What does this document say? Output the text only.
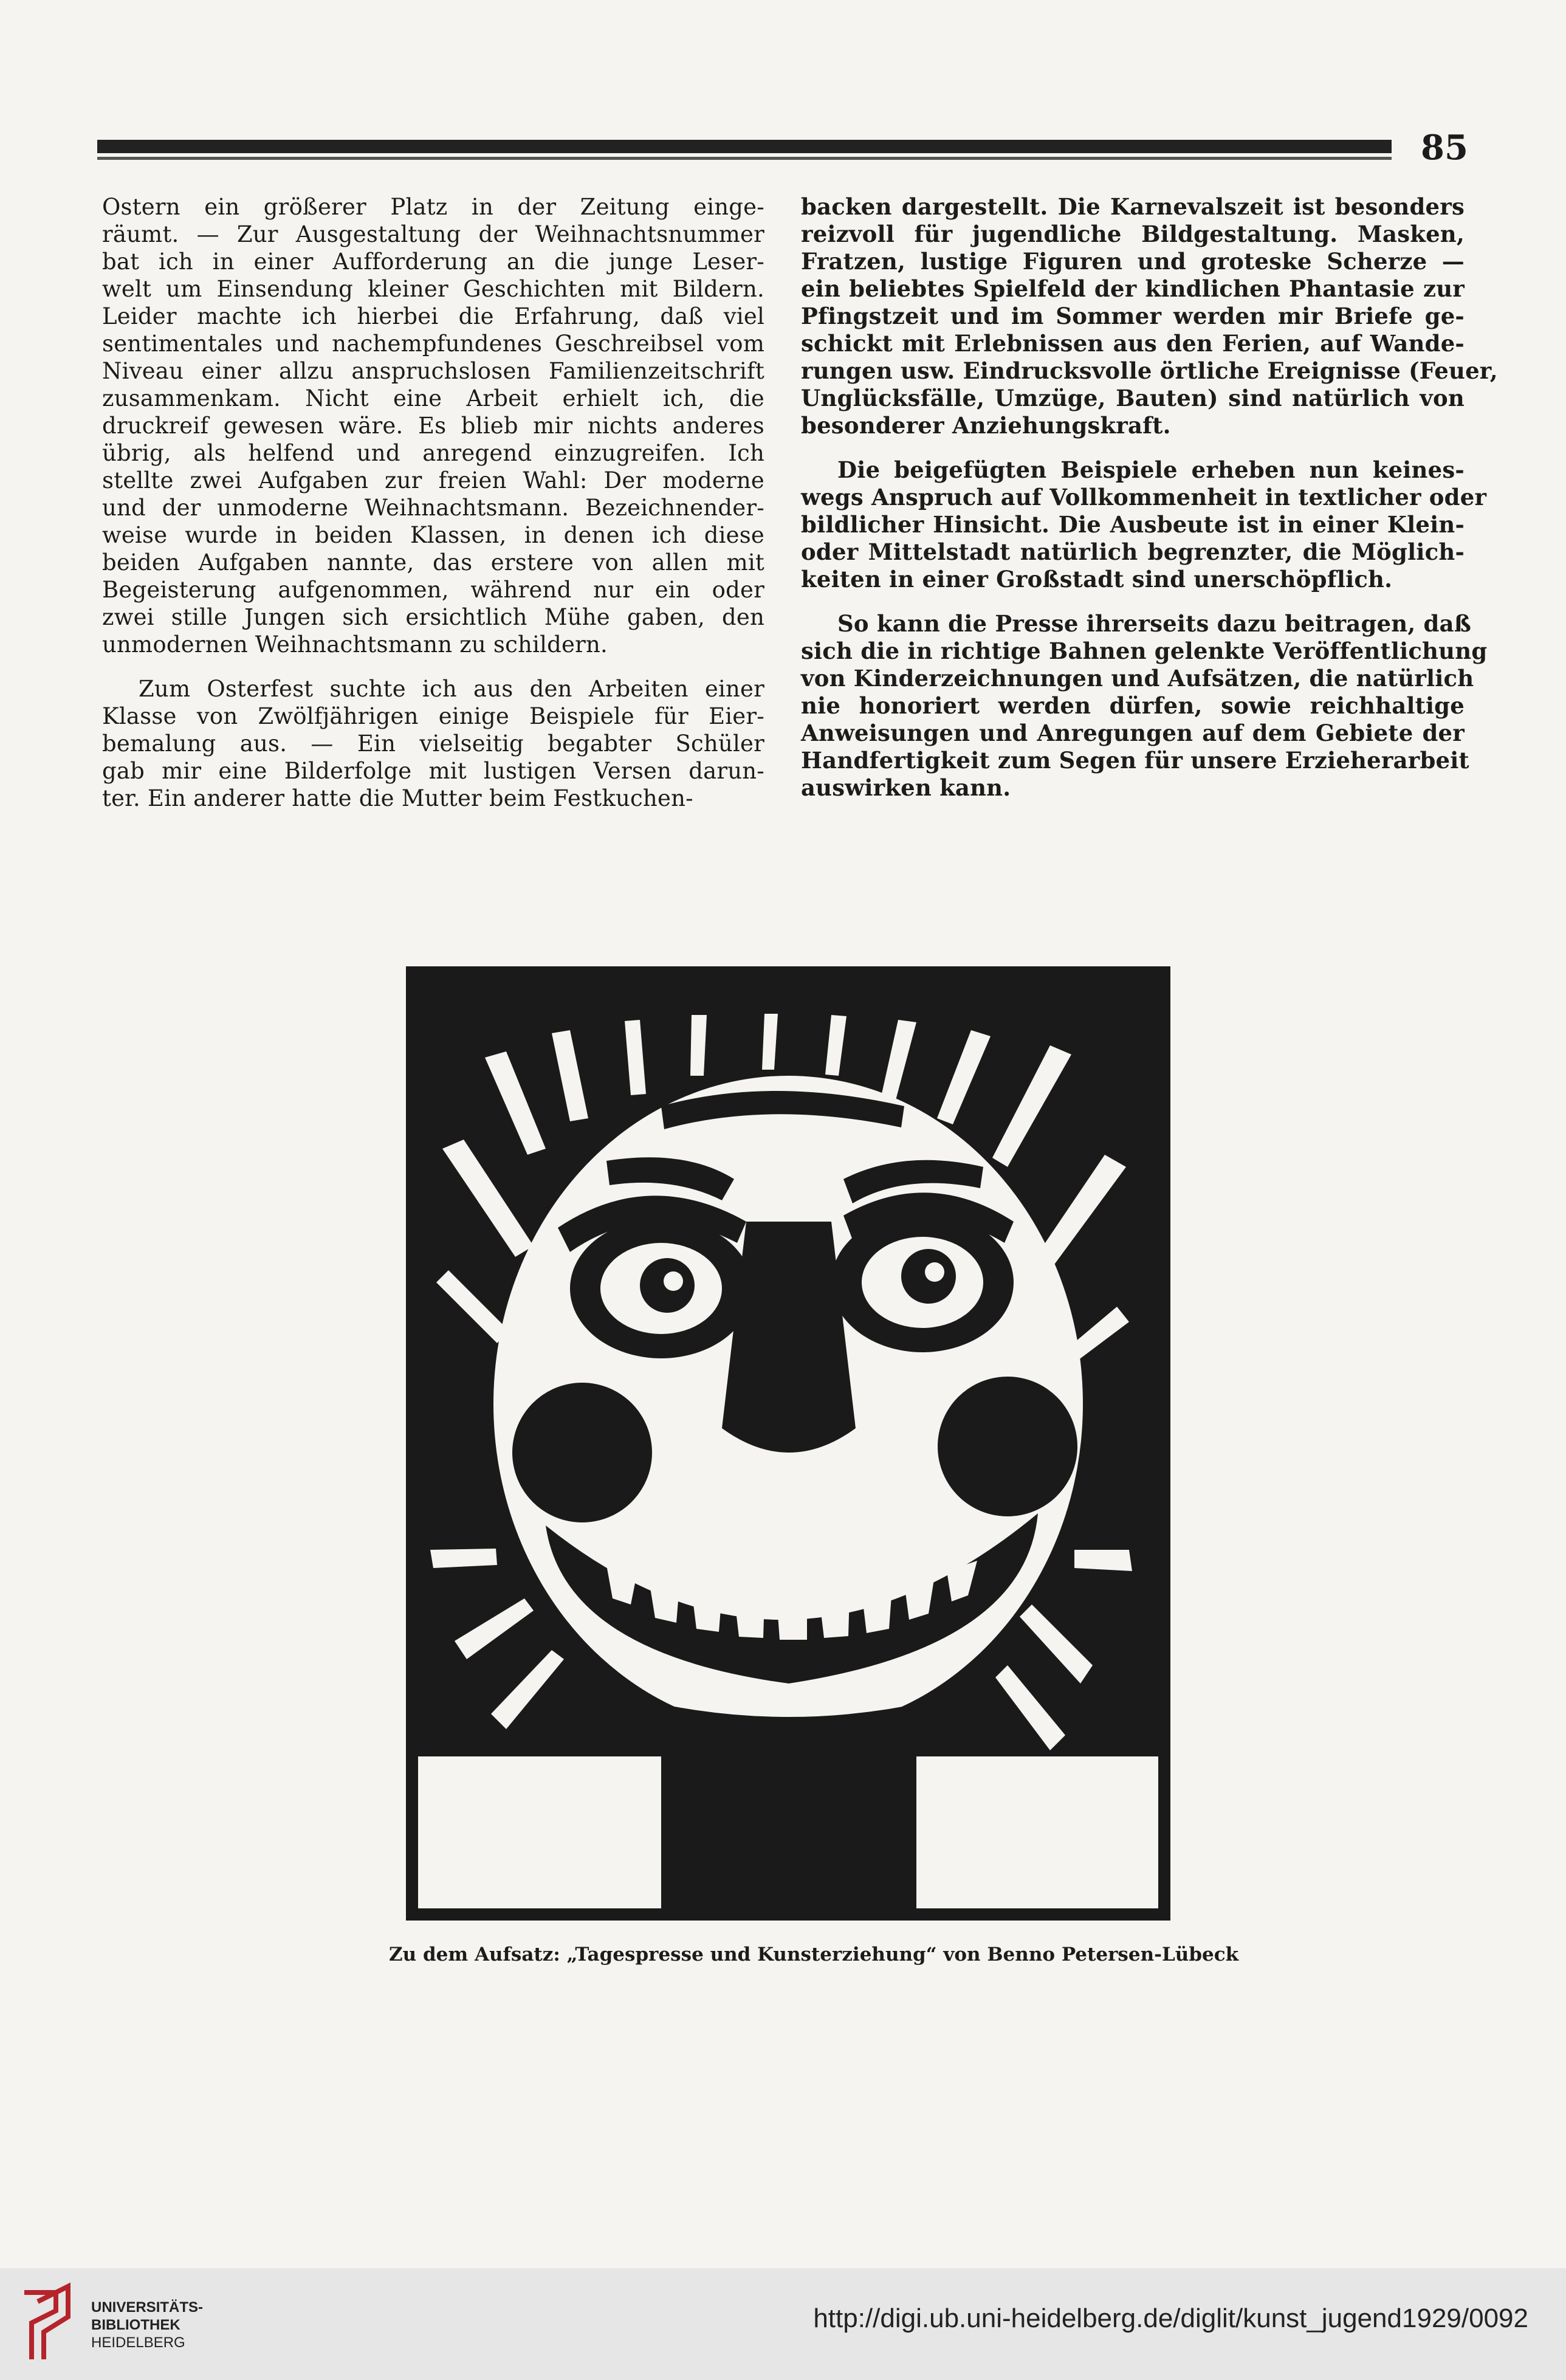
85
Ostern ein größerer Platz in der Zeitung einge-
räumt. — Zur Ausgestaltung der Weihnachtsnummer
bat ich in einer Aufforderung an die junge Leser-
welt um Einsendung kleiner Geschichten mit Bildern.
Leider machte ich hierbei die Erfahrung, daß viel
sentimentales und nachempfundenes Geschreibsel vom
Niveau einer allzu anspruchslosen Familienzeitschrift
zusammenkam. Nicht eine Arbeit erhielt ich, die
druckreif gewesen wäre. Es blieb mir nichts anderes
übrig, als helfend und anregend einzugreifen. Ich
stellte zwei Aufgaben zur freien Wahl: Der moderne
und der unmoderne Weihnachtsmann. Bezeichnender-
weise wurde in beiden Klassen, in denen ich diese
beiden Aufgaben nannte, das erstere von allen mit
Begeisterung aufgenommen, während nur ein oder
zwei stille Jungen sich ersichtlich Mühe gaben, den
unmodernen Weihnachtsmann zu schildern.
Zum Osterfest suchte ich aus den Arbeiten einer
Klasse von Zwölfjährigen einige Beispiele für Eier-
bemalung aus. — Ein vielseitig begabter Schüler
gab mir eine Bilderfolge mit lustigen Versen darun-
ter. Ein anderer hatte die Mutter beim Festkuchen-
backen dargestellt. Die Karnevalszeit ist besonders
reizvoll für jugendliche Bildgestaltung. Masken,
Fratzen, lustige Figuren und groteske Scherze —
ein beliebtes Spielfeld der kindlichen Phantasie zur
Pfingstzeit und im Sommer werden mir Briefe ge-
schickt mit Erlebnissen aus den Ferien, auf Wande-
rungen usw. Eindrucksvolle örtliche Ereignisse (Feuer,
Unglücksfälle, Umzüge, Bauten) sind natürlich von
besonderer Anziehungskraft.
Die beigefügten Beispiele erheben nun keines-
wegs Anspruch auf Vollkommenheit in textlicher oder
bildlicher Hinsicht. Die Ausbeute ist in einer Klein-
oder Mittelstadt natürlich begrenzter, die Möglich-
keiten in einer Großstadt sind unerschöpflich.
So kann die Presse ihrerseits dazu beitragen, daß
sich die in richtige Bahnen gelenkte Veröffentlichung
von Kinderzeichnungen und Aufsätzen, die natürlich
nie honoriert werden dürfen, sowie reichhaltige
Anweisungen und Anregungen auf dem Gebiete der
Handfertigkeit zum Segen für unsere Erzieherarbeit
auswirken kann.
Zu dem Aufsatz: „Tagespresse und Kunsterziehung“ von Benno Petersen-Lübeck
UNIVERSITÄTS-
BIBLIOTHEK
HEIDELBERG
http://digi.ub.uni-heidelberg.de/diglit/kunst_jugend1929/0092
